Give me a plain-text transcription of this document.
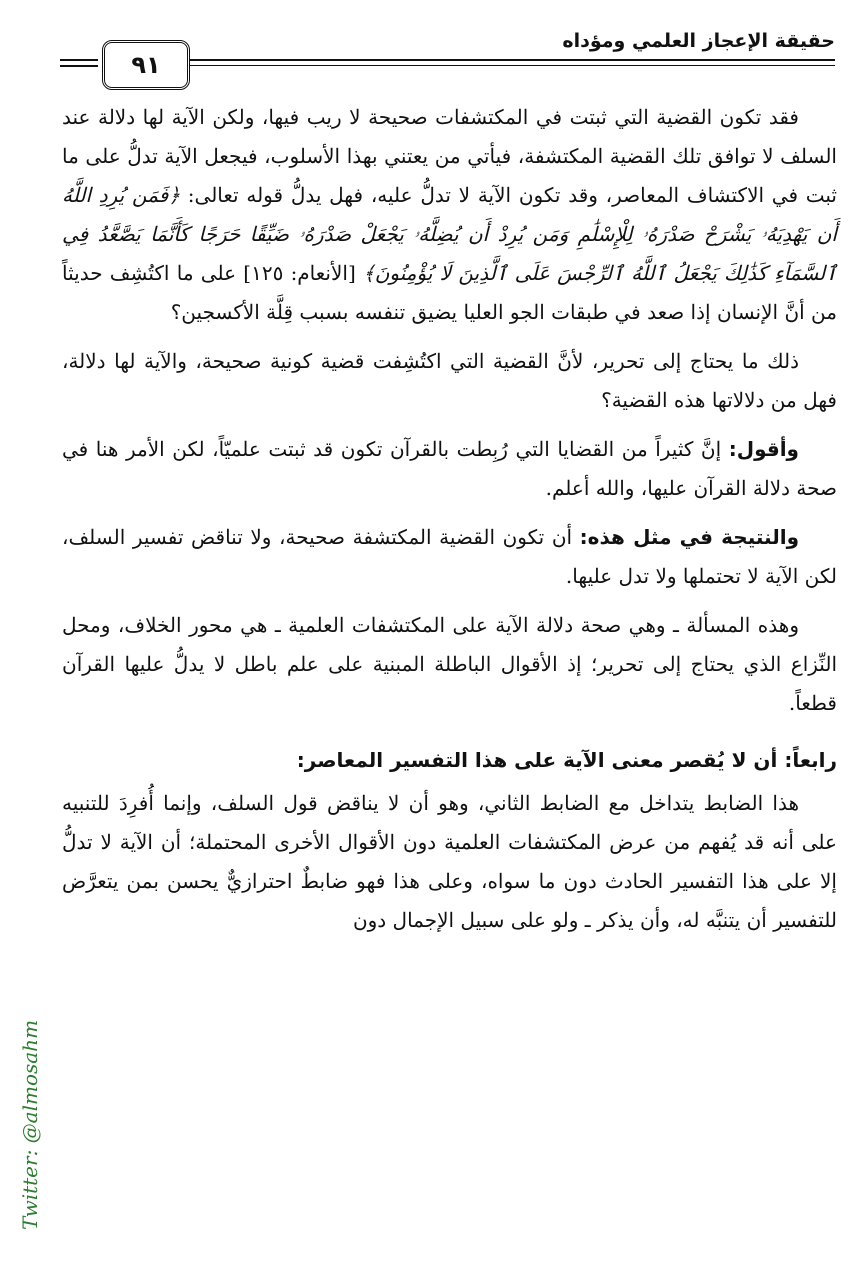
حقيقة الإعجاز العلمي ومؤداه
٩١

فقد تكون القضية التي ثبتت في المكتشفات صحيحة لا ريب فيها، ولكن الآية لها دلالة عند السلف لا توافق تلك القضية المكتشفة، فيأتي من يعتني بهذا الأسلوب، فيجعل الآية تدلُّ على ما ثبت في الاكتشاف المعاصر، وقد تكون الآية لا تدلُّ عليه، فهل يدلُّ قوله تعالى: ﴿فَمَن يُرِدِ اللَّهُ أَن يَهْدِيَهُۥ يَشْرَحْ صَدْرَهُۥ لِلْإِسْلَٰمِ وَمَن يُرِدْ أَن يُضِلَّهُۥ يَجْعَلْ صَدْرَهُۥ ضَيِّقًا حَرَجًا كَأَنَّمَا يَصَّعَّدُ فِي ٱلسَّمَآءِ كَذَٰلِكَ يَجْعَلُ ٱللَّهُ ٱلرِّجْسَ عَلَى ٱلَّذِينَ لَا يُؤْمِنُونَ﴾ [الأنعام: ١٢٥] على ما اكتُشِف حديثاً من أنَّ الإنسان إذا صعد في طبقات الجو العليا يضيق تنفسه بسبب قِلَّة الأكسجين؟

ذلك ما يحتاج إلى تحرير، لأنَّ القضية التي اكتُشِفت قضية كونية صحيحة، والآية لها دلالة، فهل من دلالاتها هذه القضية؟

وأقول: إنَّ كثيراً من القضايا التي رُبِطت بالقرآن تكون قد ثبتت علميّاً، لكن الأمر هنا في صحة دلالة القرآن عليها، والله أعلم.

والنتيجة في مثل هذه: أن تكون القضية المكتشفة صحيحة، ولا تناقض تفسير السلف، لكن الآية لا تحتملها ولا تدل عليها.

وهذه المسألة ـ وهي صحة دلالة الآية على المكتشفات العلمية ـ هي محور الخلاف، ومحل النِّزاع الذي يحتاج إلى تحرير؛ إذ الأقوال الباطلة المبنية على علم باطل لا يدلُّ عليها القرآن قطعاً.

رابعاً: أن لا يُقصر معنى الآية على هذا التفسير المعاصر:

هذا الضابط يتداخل مع الضابط الثاني، وهو أن لا يناقض قول السلف، وإنما أُفرِدَ للتنبيه على أنه قد يُفهم من عرض المكتشفات العلمية دون الأقوال الأخرى المحتملة؛ أن الآية لا تدلُّ إلا على هذا التفسير الحادث دون ما سواه، وعلى هذا فهو ضابطٌ احترازيٌّ يحسن بمن يتعرَّض للتفسير أن يتنبَّه له، وأن يذكر ـ ولو على سبيل الإجمال دون

Twitter: @almosahm
